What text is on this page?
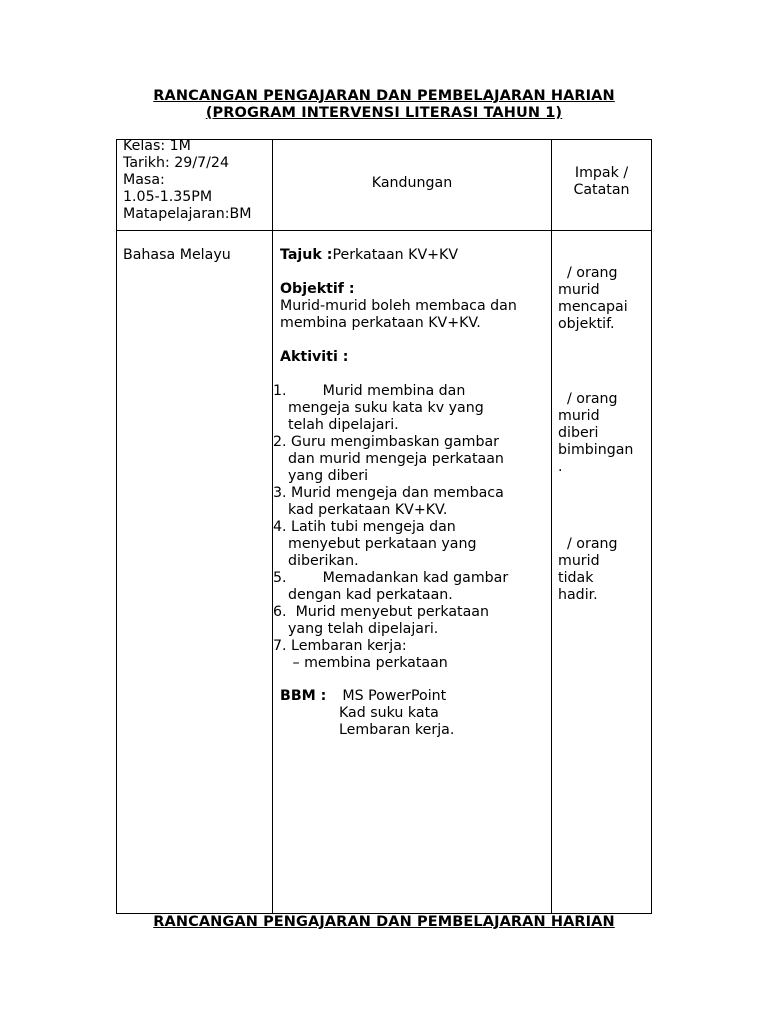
RANCANGAN PENGAJARAN DAN PEMBELAJARAN HARIAN
(PROGRAM INTERVENSI LITERASI TAHUN 1)
Kelas: 1M
Tarikh: 29/7/24
Masa:
1.05-1.35PM
Matapelajaran:BM
Kandungan
Impak /
Catatan
Bahasa Melayu	Tajuk :Perkataan KV+KV
Objektif :
Murid-murid boleh membaca dan
membina perkataan KV+KV.
Aktiviti :
1.        Murid membina dan
mengeja suku kata kv yang
telah dipelajari.
2. Guru mengimbaskan gambar
dan murid mengeja perkataan
yang diberi
3. Murid mengeja dan membaca
kad perkataan KV+KV.
4. Latih tubi mengeja dan
menyebut perkataan yang
diberikan.
5.        Memadankan kad gambar
dengan kad perkataan.
6.  Murid menyebut perkataan
yang telah dipelajari.
7. Lembaran kerja:
– membina perkataan
BBM : MS PowerPoint
Kad suku kata
Lembaran kerja.
/ orang
murid
mencapai
objektif.
/ orang
murid
diberi
bimbingan
.
/ orang
murid
tidak
hadir.
RANCANGAN PENGAJARAN DAN PEMBELAJARAN HARIAN
